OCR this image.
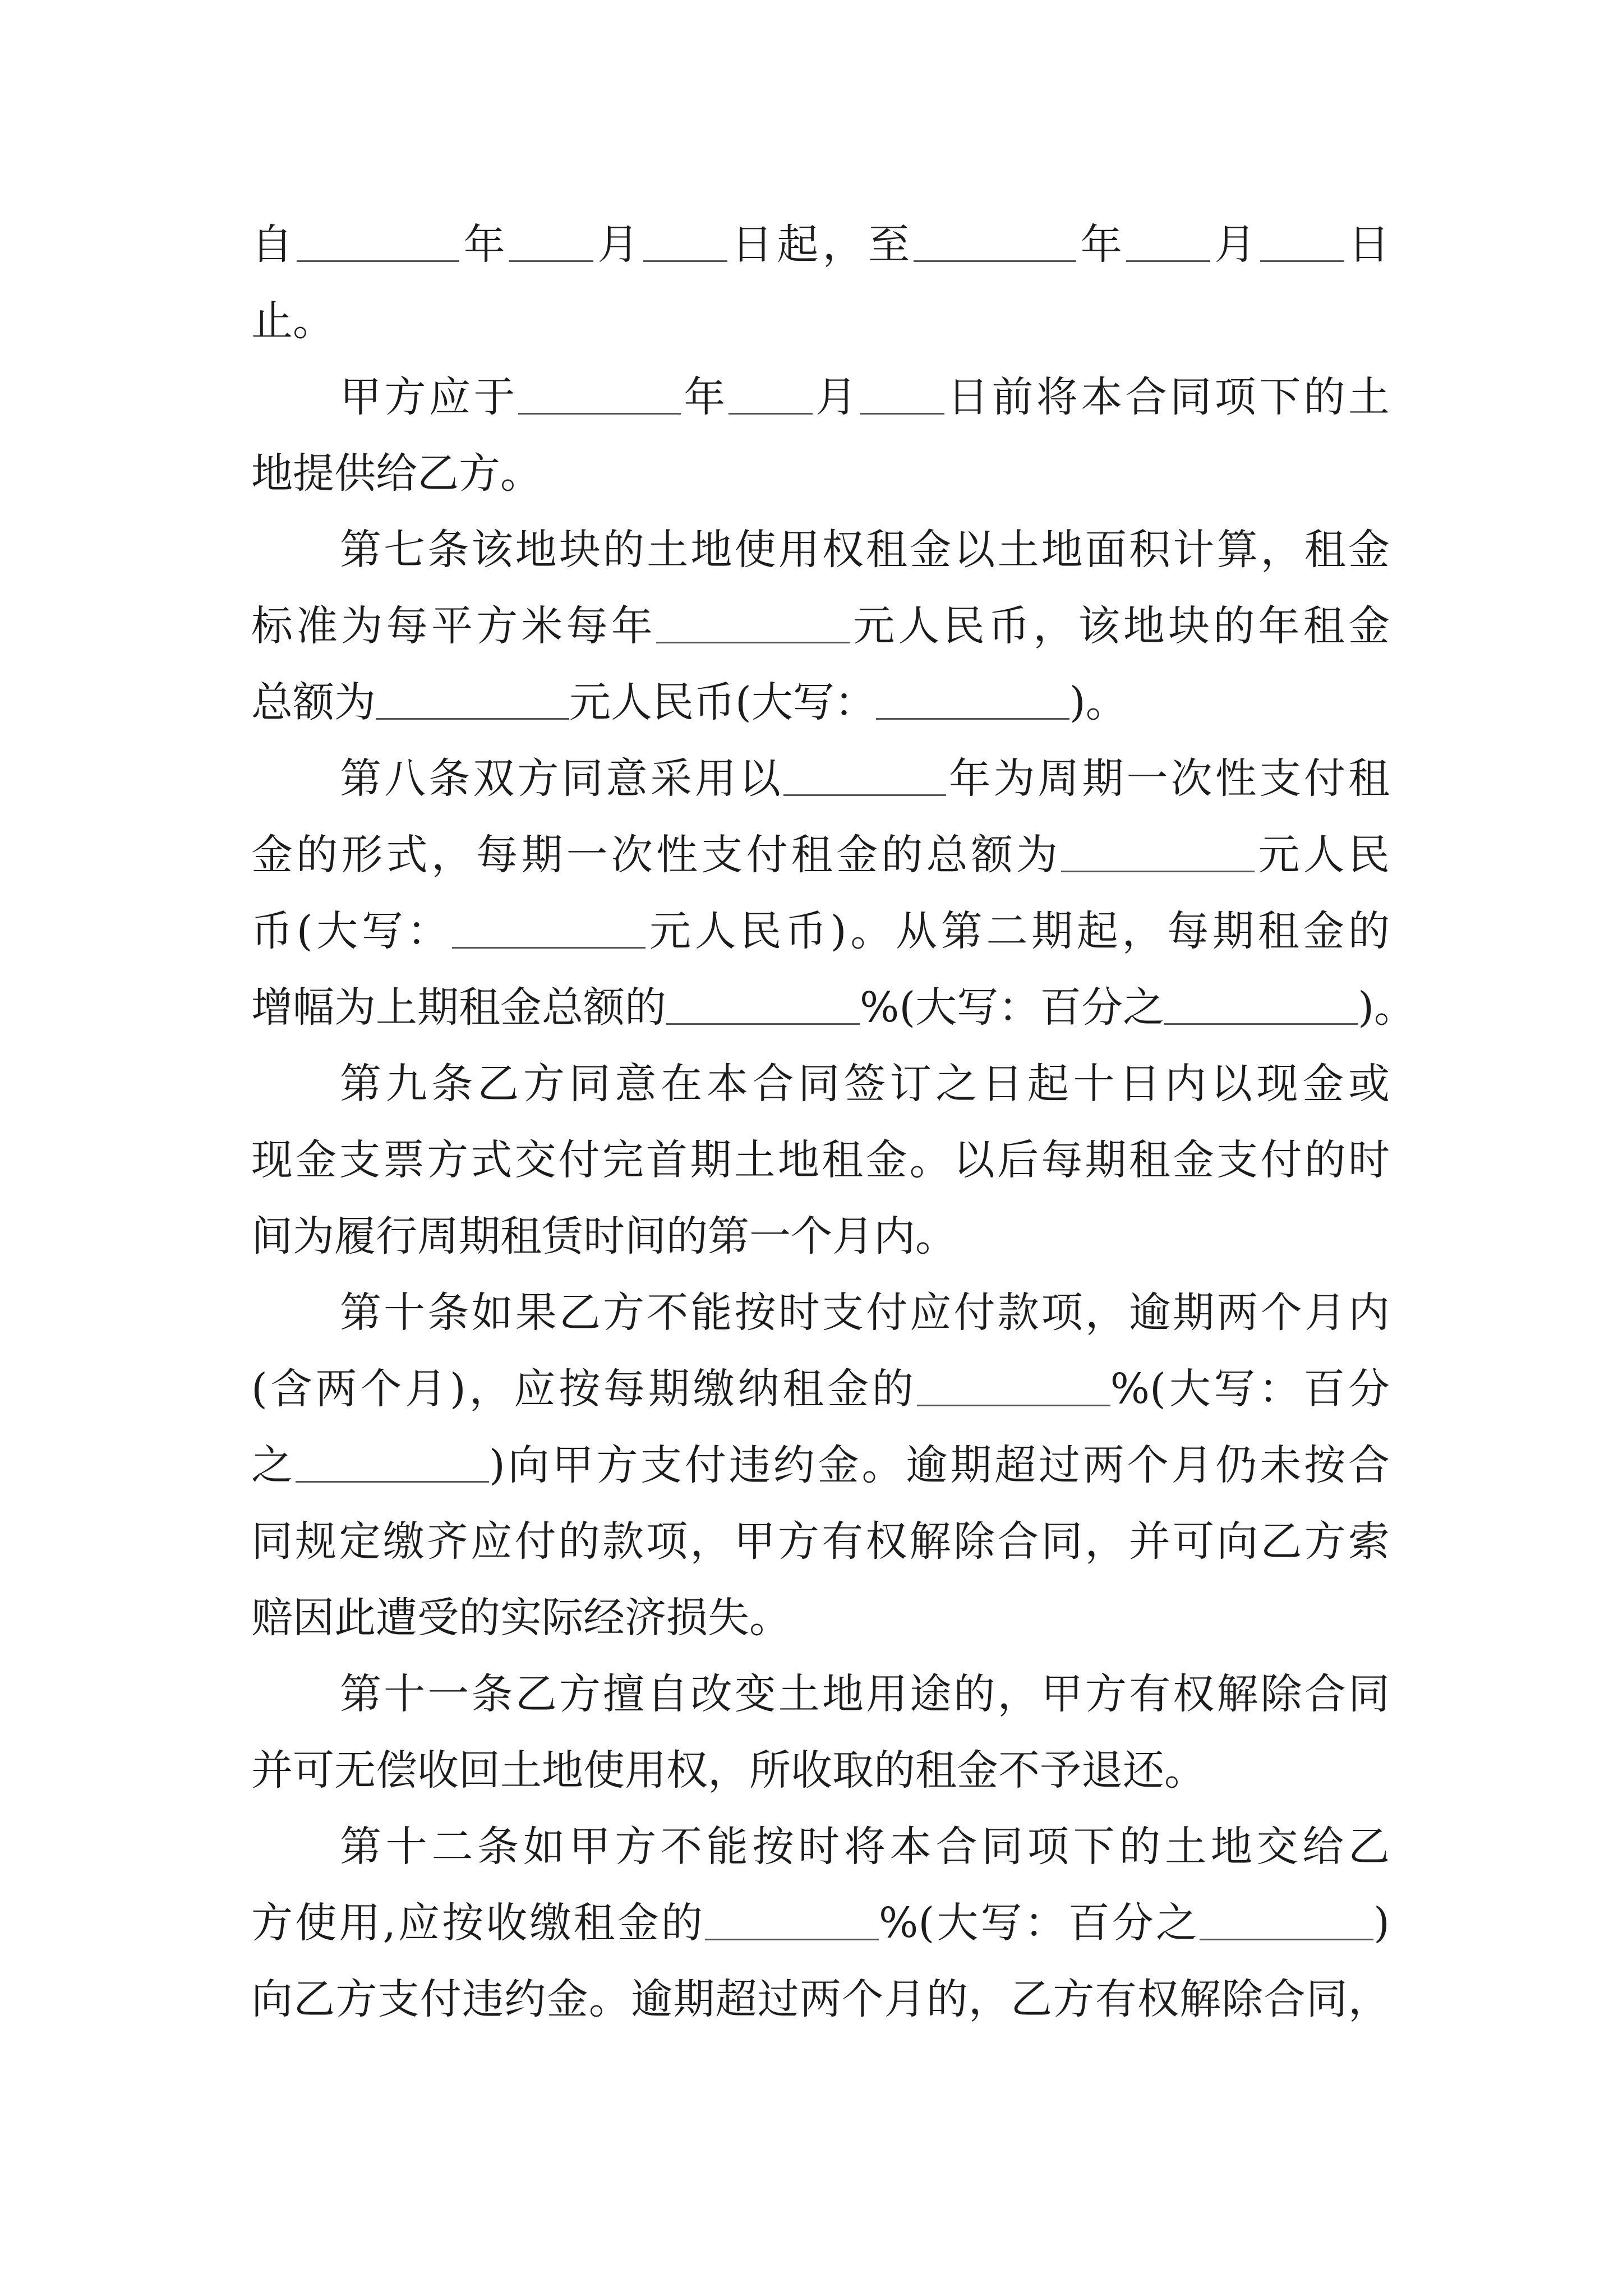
自	年 月 日起，至	年 月 日
止。
甲方应于	年 月 日前将本合同项下的土
地提供给乙方。
第七条该地块的土地使用权租金以土地面积计算，租金
标准为每平方米每年	元人民币，该地块的年租金
总额为	元人民币(大写：	)。
第八条双方同意采用以	年为周期一次性支付租
金的形式，每期一次性支付租金的总额为	元人民
币(大写：	元人民币)。从第二期起，每期租金的
增幅为上期租金总额的	%(大写：百分之	)。
第九条乙方同意在本合同签订之日起十日内以现金或
现金支票方式交付完首期土地租金。以后每期租金支付的时
间为履行周期租赁时间的第一个月内。
第十条如果乙方不能按时支付应付款项，逾期两个月内
(含两个月)，应按每期缴纳租金的	%(大写：百分
之	)向甲方支付违约金。逾期超过两个月仍未按合
同规定缴齐应付的款项，甲方有权解除合同，并可向乙方索
赔因此遭受的实际经济损失。
第十一条乙方擅自改变土地用途的，甲方有权解除合同
并可无偿收回土地使用权，所收取的租金不予退还。
第十二条如甲方不能按时将本合同项下的土地交给乙
方使用,应按收缴租金的	%(大写：百分之	)
向乙方支付违约金。逾期超过两个月的，乙方有权解除合同，
